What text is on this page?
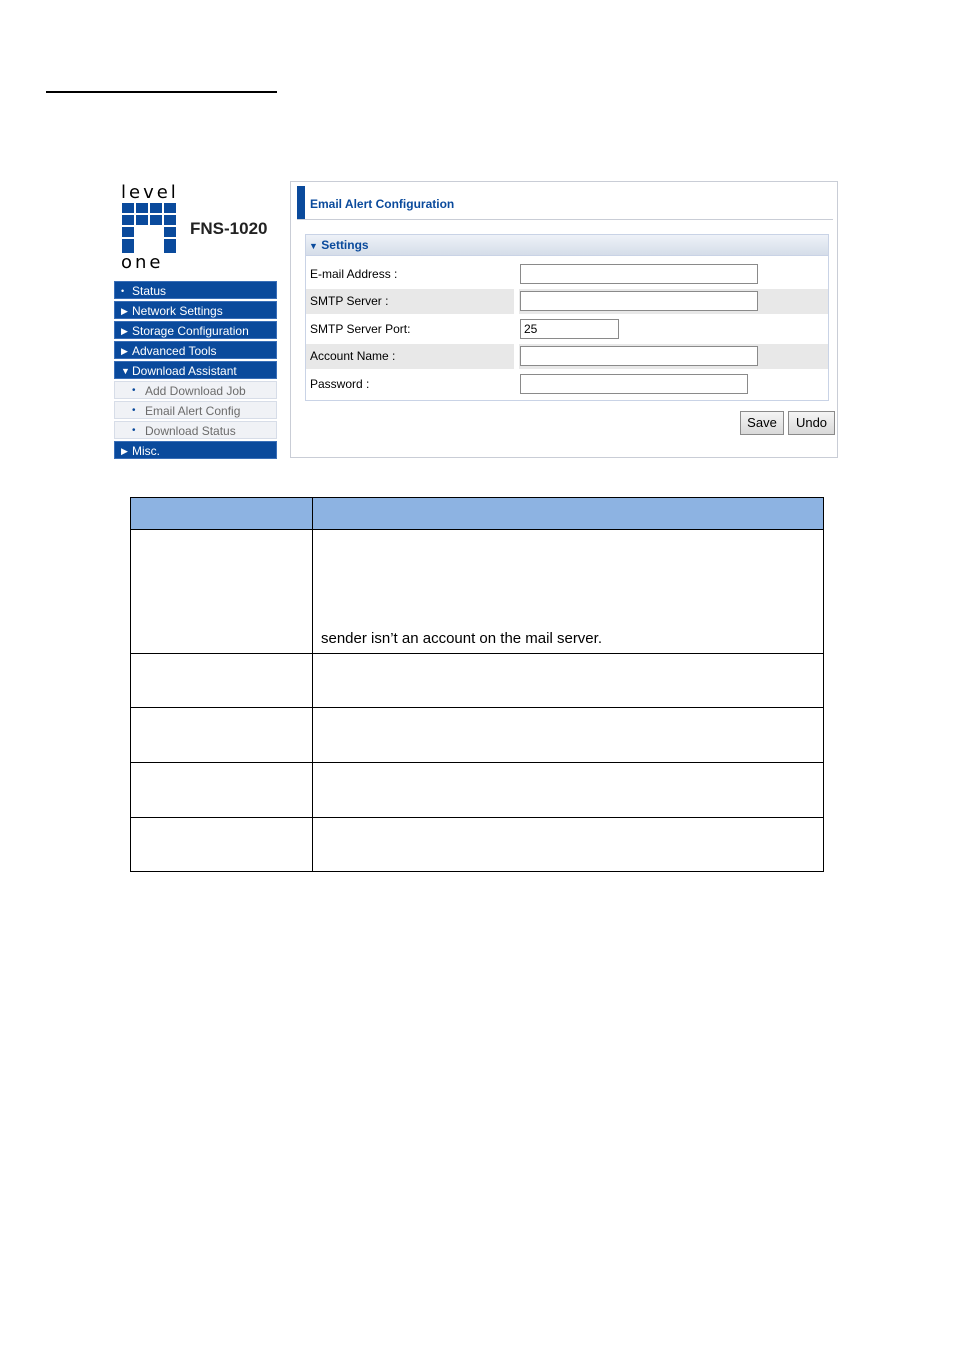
level
one
FNS-1020
• Status
▶ Network Settings
▶ Storage Configuration
▶ Advanced Tools
▼ Download Assistant
• Add Download Job
• Email Alert Config
• Download Status
▶ Misc.
Email Alert Configuration
▼ Settings
E-mail Address :
SMTP Server :
SMTP Server Port:
25
Account Name :
Password :
Save	Undo

	sender isn’t an account on the mail server.
